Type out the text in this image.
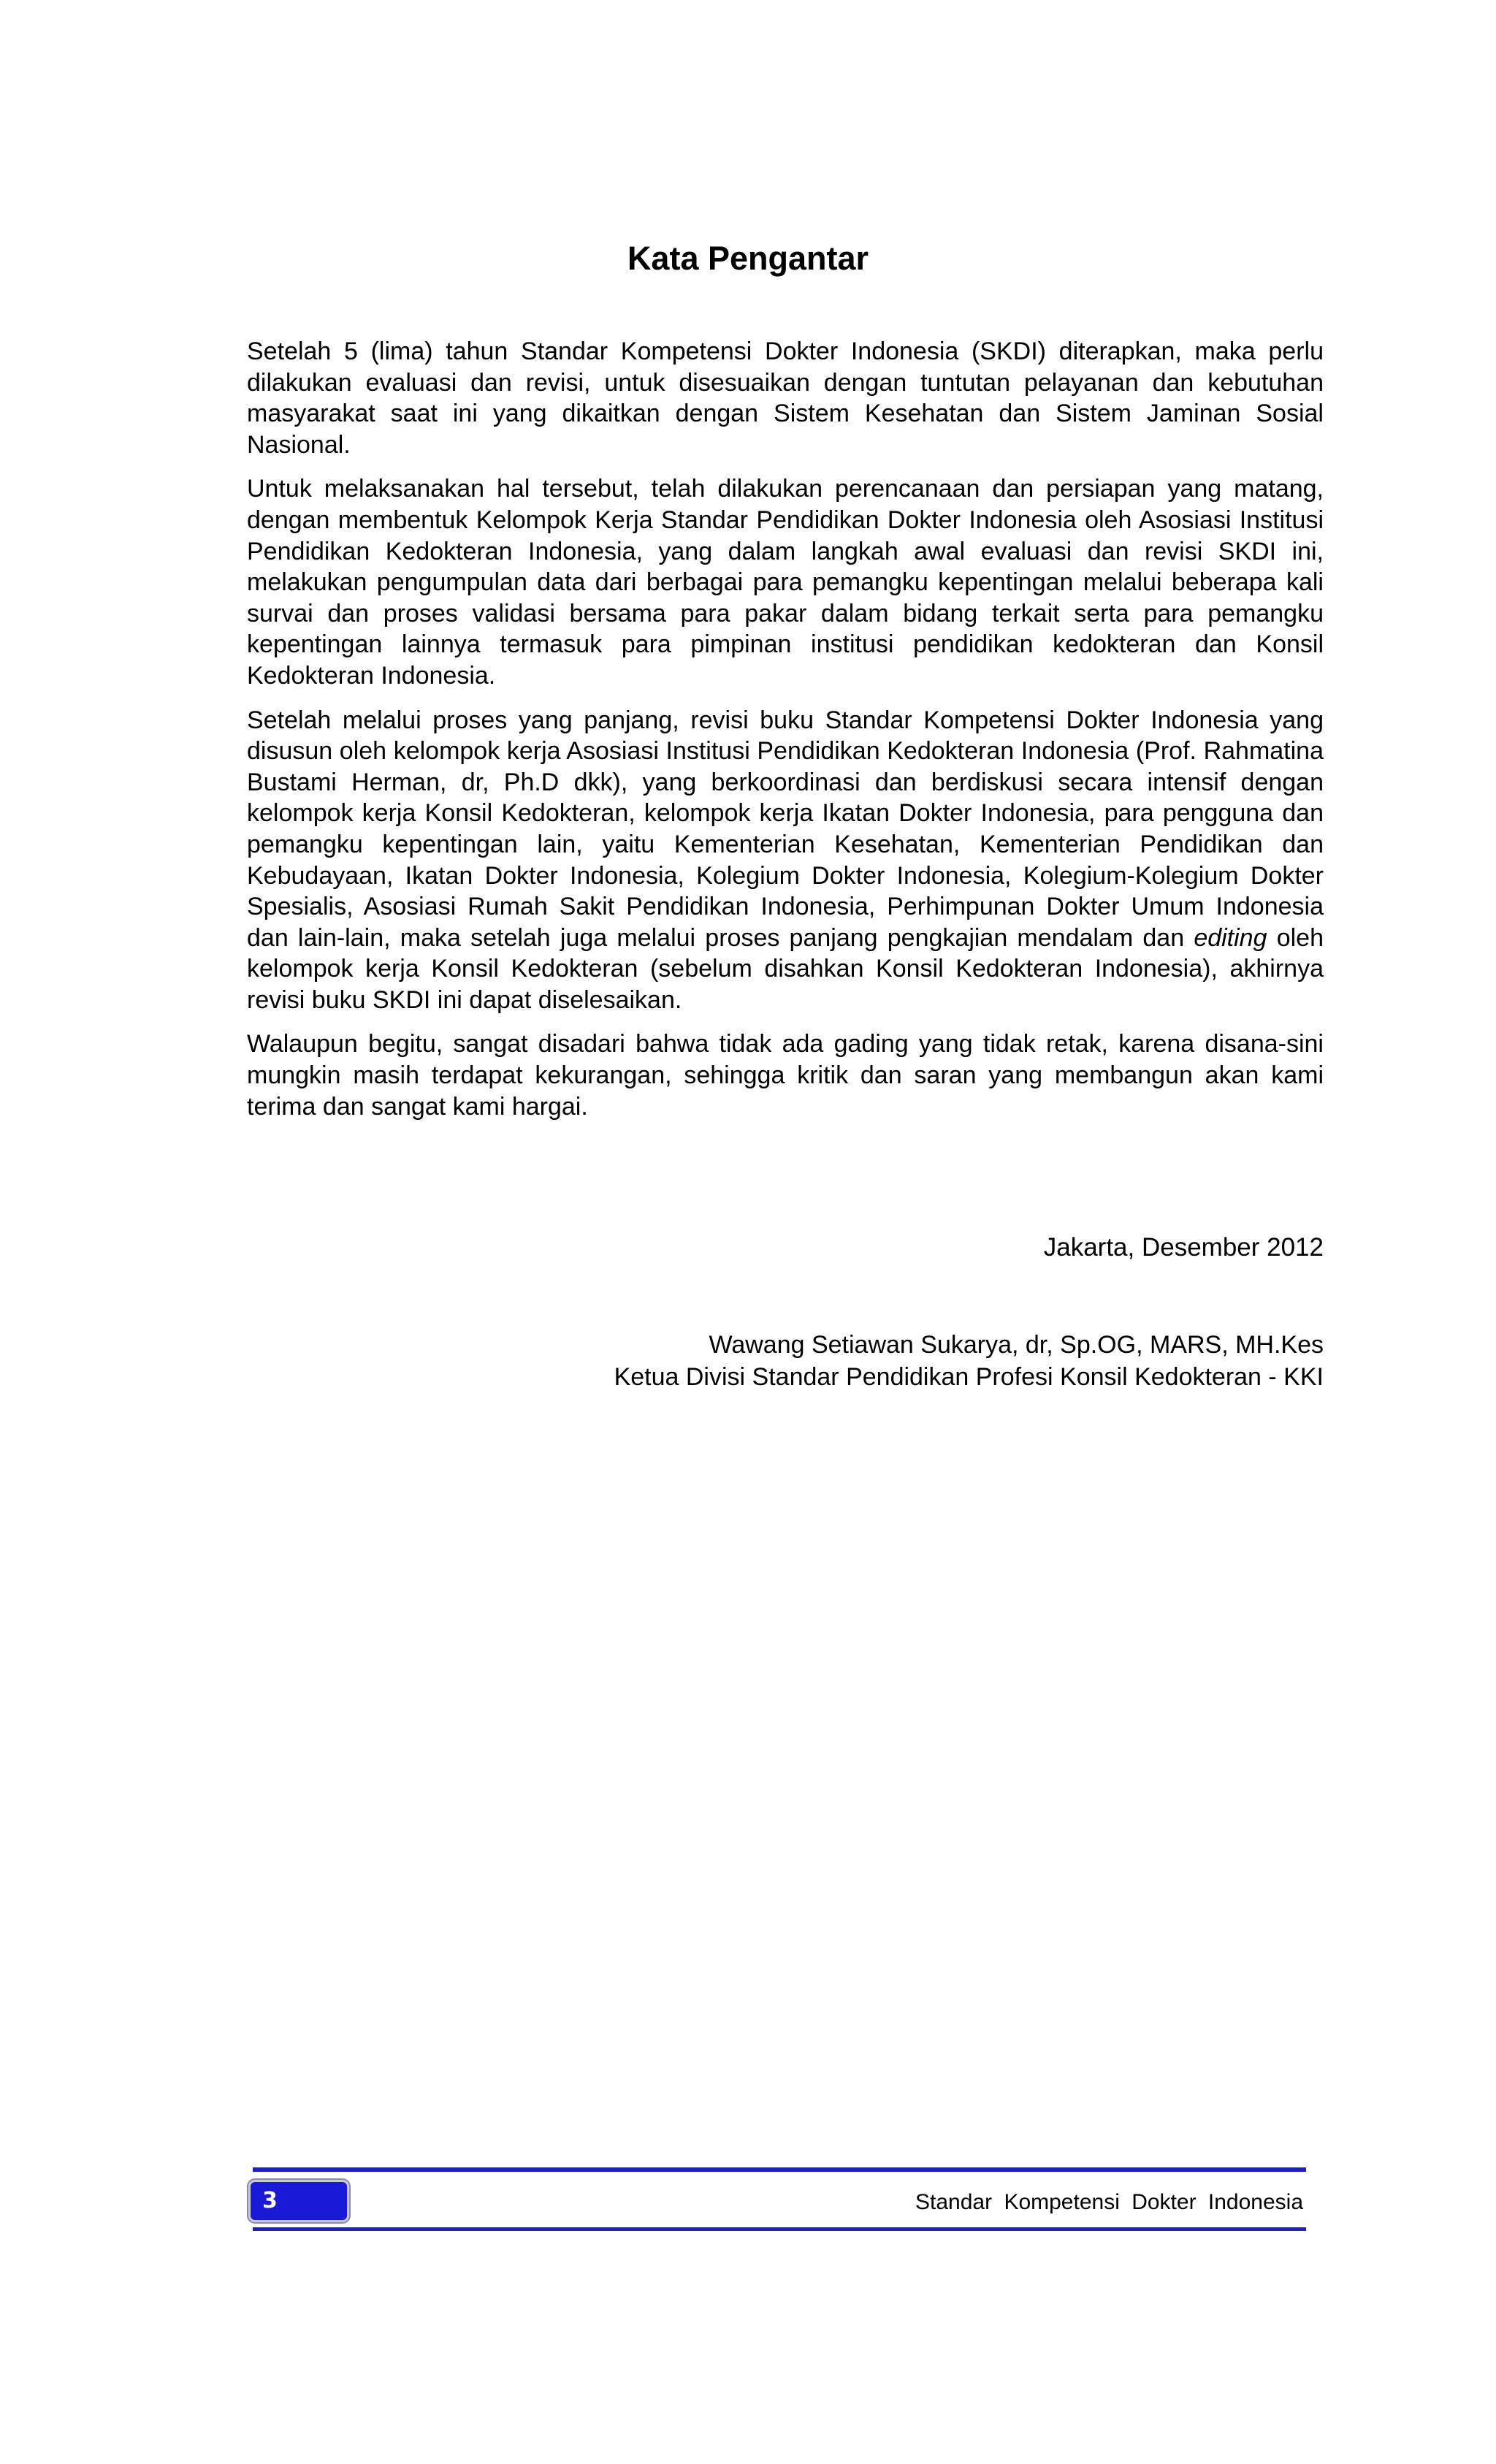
Kata Pengantar

Setelah 5 (lima) tahun Standar Kompetensi Dokter Indonesia (SKDI) diterapkan, maka perlu dilakukan evaluasi dan revisi, untuk disesuaikan dengan tuntutan pelayanan dan kebutuhan masyarakat saat ini yang dikaitkan dengan Sistem Kesehatan dan Sistem Jaminan Sosial Nasional.

Untuk melaksanakan hal tersebut, telah dilakukan perencanaan dan persiapan yang matang, dengan membentuk Kelompok Kerja Standar Pendidikan Dokter Indonesia oleh Asosiasi Institusi Pendidikan Kedokteran Indonesia, yang dalam langkah awal evaluasi dan revisi SKDI ini, melakukan pengumpulan data dari berbagai para pemangku kepentingan melalui beberapa kali survai dan proses validasi bersama para pakar dalam bidang terkait serta para pemangku kepentingan lainnya termasuk para pimpinan institusi pendidikan kedokteran dan Konsil Kedokteran Indonesia.

Setelah melalui proses yang panjang, revisi buku Standar Kompetensi Dokter Indonesia yang disusun oleh kelompok kerja Asosiasi Institusi Pendidikan Kedokteran Indonesia (Prof. Rahmatina Bustami Herman, dr, Ph.D dkk), yang berkoordinasi dan berdiskusi secara intensif dengan kelompok kerja Konsil Kedokteran, kelompok kerja Ikatan Dokter Indonesia, para pengguna dan pemangku kepentingan lain, yaitu Kementerian Kesehatan, Kementerian Pendidikan dan Kebudayaan, Ikatan Dokter Indonesia, Kolegium Dokter Indonesia, Kolegium-Kolegium Dokter Spesialis, Asosiasi Rumah Sakit Pendidikan Indonesia, Perhimpunan Dokter Umum Indonesia dan lain-lain, maka setelah juga melalui proses panjang pengkajian mendalam dan editing oleh kelompok kerja Konsil Kedokteran (sebelum disahkan Konsil Kedokteran Indonesia), akhirnya revisi buku SKDI ini dapat diselesaikan.

Walaupun begitu, sangat disadari bahwa tidak ada gading yang tidak retak, karena disana-sini mungkin masih terdapat kekurangan, sehingga kritik dan saran yang membangun akan kami terima dan sangat kami hargai.

Jakarta, Desember 2012
Wawang Setiawan Sukarya, dr, Sp.OG, MARS, MH.Kes
Ketua Divisi Standar Pendidikan Profesi Konsil Kedokteran - KKI
3	Standar Kompetensi Dokter Indonesia
